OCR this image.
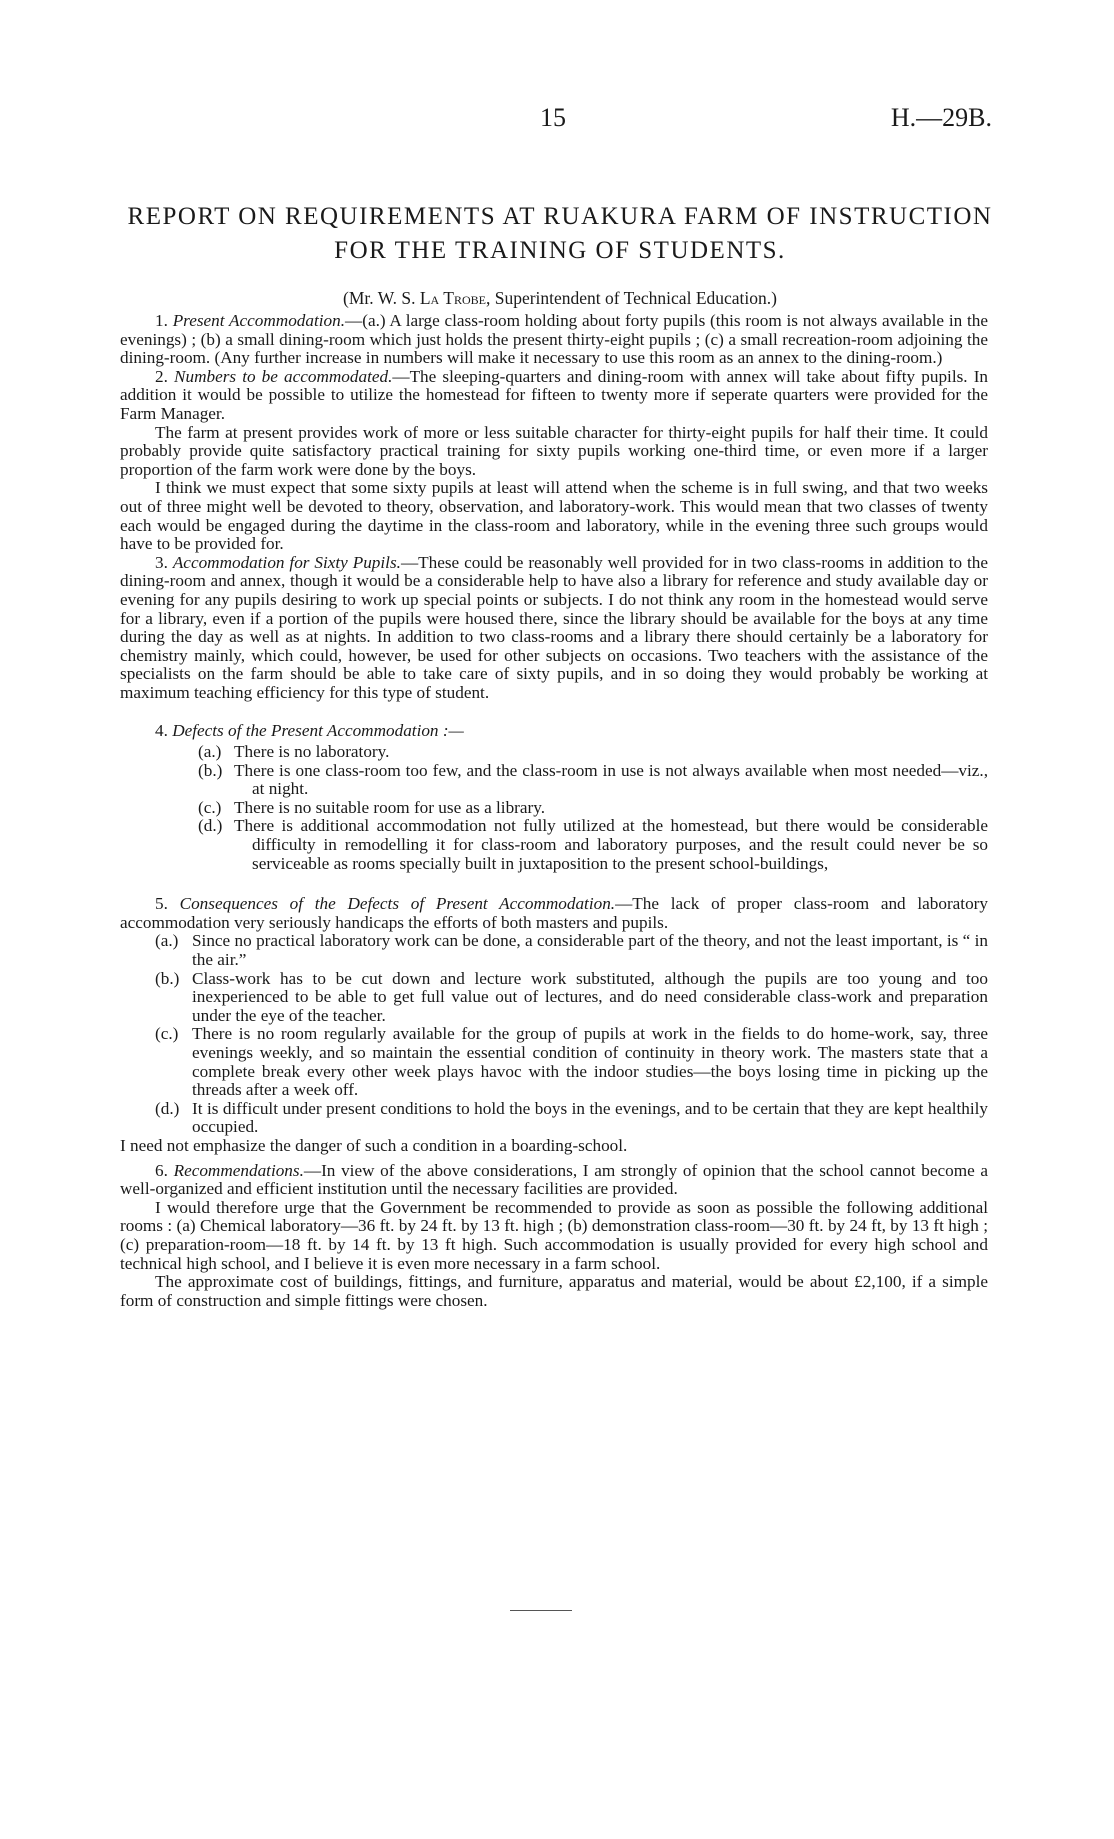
15	H.—29B.
REPORT ON REQUIREMENTS AT RUAKURA FARM OF INSTRUCTION
FOR THE TRAINING OF STUDENTS.
(Mr. W. S. La Trobe, Superintendent of Technical Education.)

1. Present Accommodation.—(a.) A large class-room holding about forty pupils (this room is not always available in the evenings) ; (b) a small dining-room which just holds the present thirty-eight pupils ; (c) a small recreation-room adjoining the dining-room. (Any further increase in numbers will make it necessary to use this room as an annex to the dining-room.)

2. Numbers to be accommodated.—The sleeping-quarters and dining-room with annex will take about fifty pupils. In addition it would be possible to utilize the homestead for fifteen to twenty more if seperate quarters were provided for the Farm Manager.

The farm at present provides work of more or less suitable character for thirty-eight pupils for half their time. It could probably provide quite satisfactory practical training for sixty pupils working one-third time, or even more if a larger proportion of the farm work were done by the boys.

I think we must expect that some sixty pupils at least will attend when the scheme is in full swing, and that two weeks out of three might well be devoted to theory, observation, and laboratory-work. This would mean that two classes of twenty each would be engaged during the daytime in the class-room and laboratory, while in the evening three such groups would have to be provided for.

3. Accommodation for Sixty Pupils.—These could be reasonably well provided for in two class-rooms in addition to the dining-room and annex, though it would be a considerable help to have also a library for reference and study available day or evening for any pupils desiring to work up special points or subjects. I do not think any room in the homestead would serve for a library, even if a portion of the pupils were housed there, since the library should be available for the boys at any time during the day as well as at nights. In addition to two class-rooms and a library there should certainly be a laboratory for chemistry mainly, which could, however, be used for other subjects on occasions. Two teachers with the assistance of the specialists on the farm should be able to take care of sixty pupils, and in so doing they would probably be working at maximum teaching efficiency for this type of student.

4. Defects of the Present Accommodation :—

(a.) There is no laboratory.
(b.) There is one class-room too few, and the class-room in use is not always available when most needed—viz., at night.
(c.) There is no suitable room for use as a library.
(d.) There is additional accommodation not fully utilized at the homestead, but there would be considerable difficulty in remodelling it for class-room and laboratory purposes, and the result could never be so serviceable as rooms specially built in juxtaposition to the present school-buildings,

5. Consequences of the Defects of Present Accommodation.—The lack of proper class-room and laboratory accommodation very seriously handicaps the efforts of both masters and pupils.

(a.) Since no practical laboratory work can be done, a considerable part of the theory, and not the least important, is “ in the air.”
(b.) Class-work has to be cut down and lecture work substituted, although the pupils are too young and too inexperienced to be able to get full value out of lectures, and do need considerable class-work and preparation under the eye of the teacher.
(c.) There is no room regularly available for the group of pupils at work in the fields to do home-work, say, three evenings weekly, and so maintain the essential condition of continuity in theory work. The masters state that a complete break every other week plays havoc with the indoor studies—the boys losing time in picking up the threads after a week off.
(d.) It is difficult under present conditions to hold the boys in the evenings, and to be certain that they are kept healthily occupied.

I need not emphasize the danger of such a condition in a boarding-school.

6. Recommendations.—In view of the above considerations, I am strongly of opinion that the school cannot become a well-organized and efficient institution until the necessary facilities are provided.

I would therefore urge that the Government be recommended to provide as soon as possible the following additional rooms : (a) Chemical laboratory—36 ft. by 24 ft. by 13 ft. high ; (b) demonstration class-room—30 ft. by 24 ft, by 13 ft high ; (c) preparation-room—18 ft. by 14 ft. by 13 ft high. Such accommodation is usually provided for every high school and technical high school, and I believe it is even more necessary in a farm school.

The approximate cost of buildings, fittings, and furniture, apparatus and material, would be about £2,100, if a simple form of construction and simple fittings were chosen.
